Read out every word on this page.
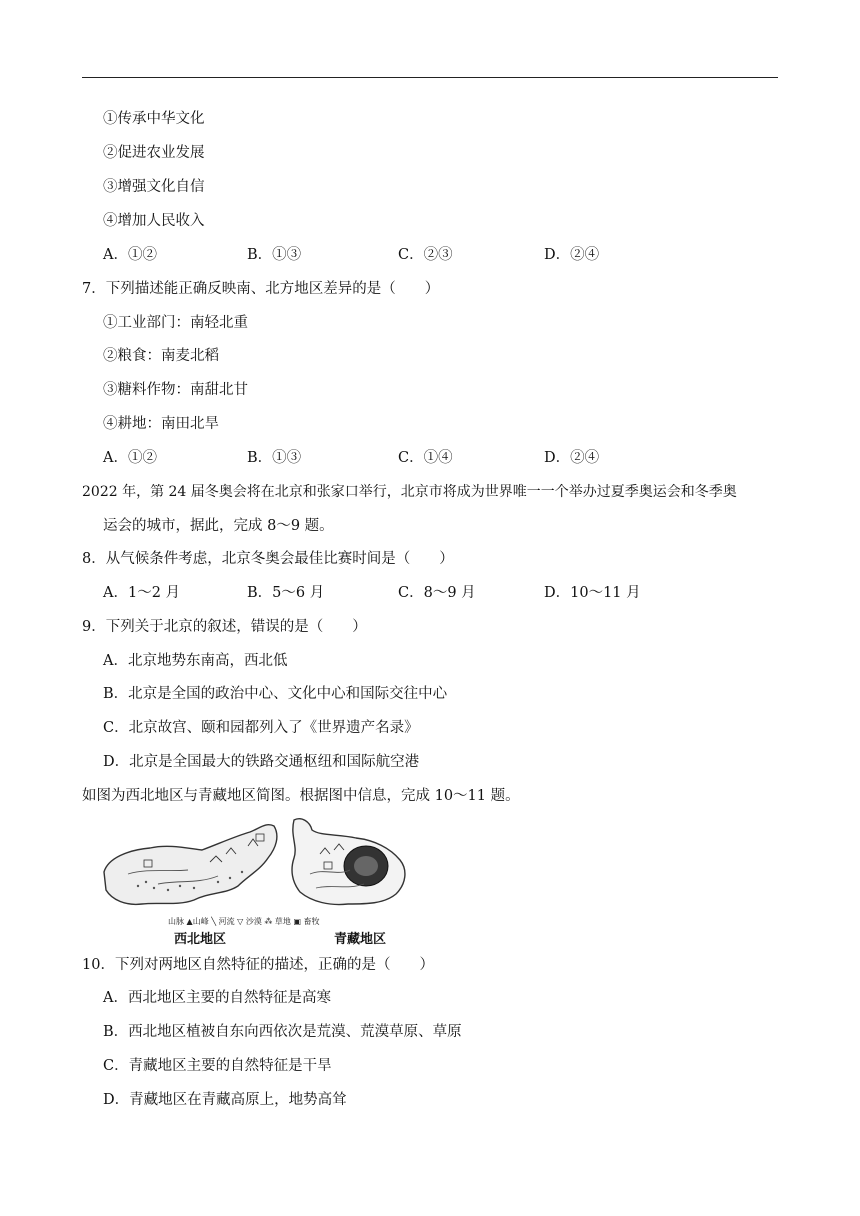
①传承中华文化
②促进农业发展
③增强文化自信
④增加人民收入
A．①②	B．①③	C．②③	D．②④
7．下列描述能正确反映南、北方地区差异的是（　　）
①工业部门：南轻北重
②粮食：南麦北稻
③糖料作物：南甜北甘
④耕地：南田北旱
A．①②	B．①③	C．①④	D．②④
2022 年，第 24 届冬奥会将在北京和张家口举行，北京市将成为世界唯一一个举办过夏季奥运会和冬季奥
运会的城市，据此，完成 8～9 题。
8．从气候条件考虑，北京冬奥会最佳比赛时间是（　　）
A．1～2 月	B．5～6 月	C．8～9 月	D．10～11 月
9．下列关于北京的叙述，错误的是（　　）
A．北京地势东南高，西北低
B．北京是全国的政治中心、文化中心和国际交往中心
C．北京故宫、颐和园都列入了《世界遗产名录》
D．北京是全国最大的铁路交通枢纽和国际航空港
如图为西北地区与青藏地区简图。根据图中信息，完成 10～11 题。
山脉 ▲山峰 ╲ 河流 ▽ 沙漠 ⁂ 草地 ▣ 畜牧
西北地区	青藏地区
10．下列对两地区自然特征的描述，正确的是（　　）
A．西北地区主要的自然特征是高寒
B．西北地区植被自东向西依次是荒漠、荒漠草原、草原
C．青藏地区主要的自然特征是干旱
D．青藏地区在青藏高原上，地势高耸
